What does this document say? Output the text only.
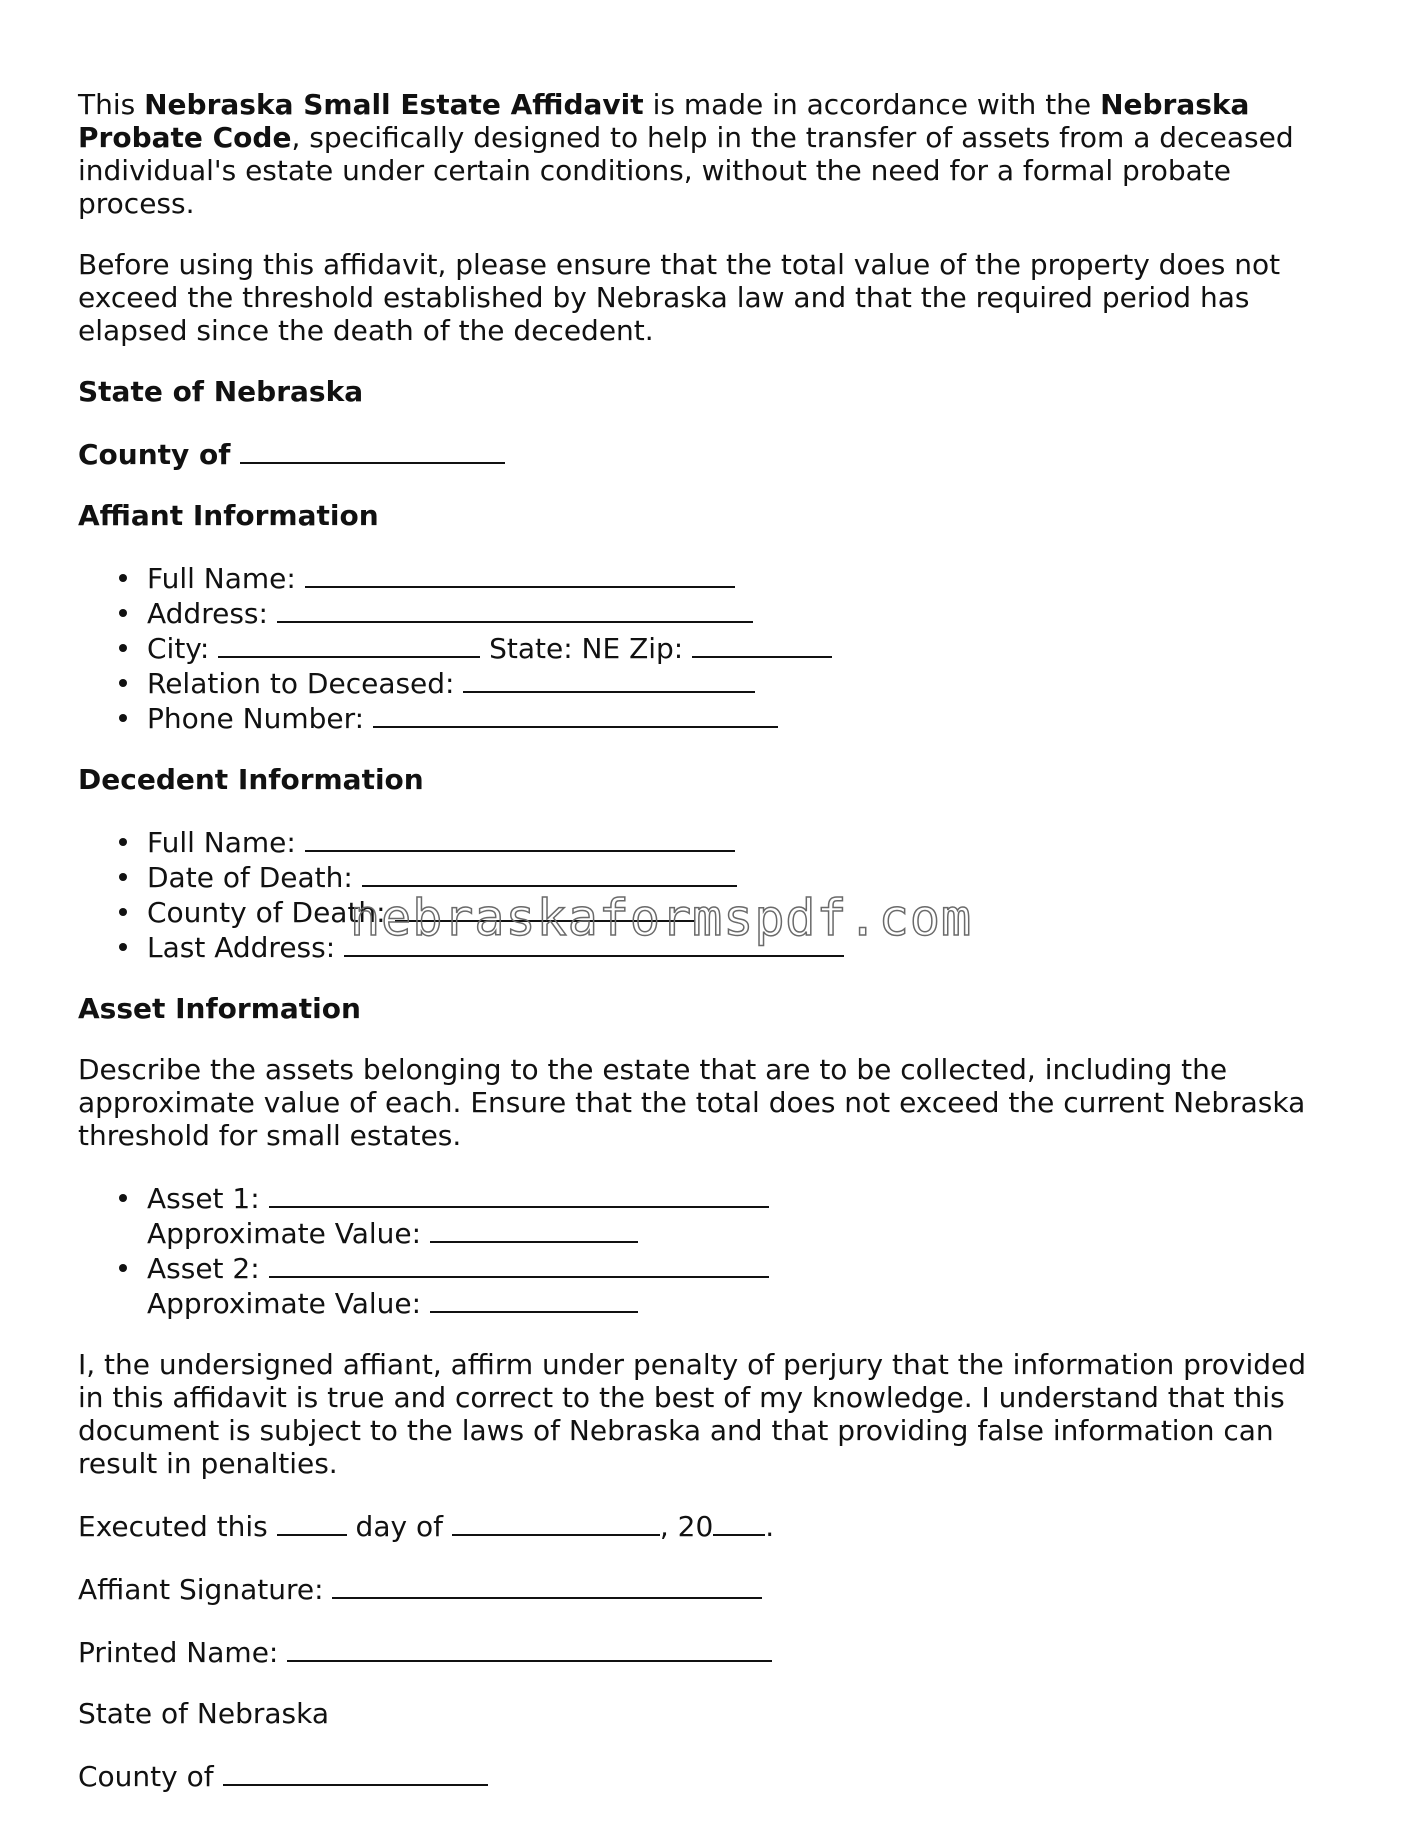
This Nebraska Small Estate Affidavit is made in accordance with the Nebraska Probate Code, specifically designed to help in the transfer of assets from a deceased individual's estate under certain conditions, without the need for a formal probate process.

Before using this affidavit, please ensure that the total value of the property does not exceed the threshold established by Nebraska law and that the required period has elapsed since the death of the decedent.

State of Nebraska

County of

Affiant Information

Full Name:
Address:
City:	State: NE Zip:
Relation to Deceased:
Phone Number:

Decedent Information

Full Name:
Date of Death:
County of Death:
Last Address:

Asset Information

Describe the assets belonging to the estate that are to be collected, including the approximate value of each. Ensure that the total does not exceed the current Nebraska threshold for small estates.

Asset 1:
Approximate Value:
Asset 2:
Approximate Value:

I, the undersigned affiant, affirm under penalty of perjury that the information provided in this affidavit is true and correct to the best of my knowledge. I understand that this document is subject to the laws of Nebraska and that providing false information can result in penalties.

Executed this	day of	, 20 .

Affiant Signature:

Printed Name:

State of Nebraska

County of

nebraskaformspdf.com
